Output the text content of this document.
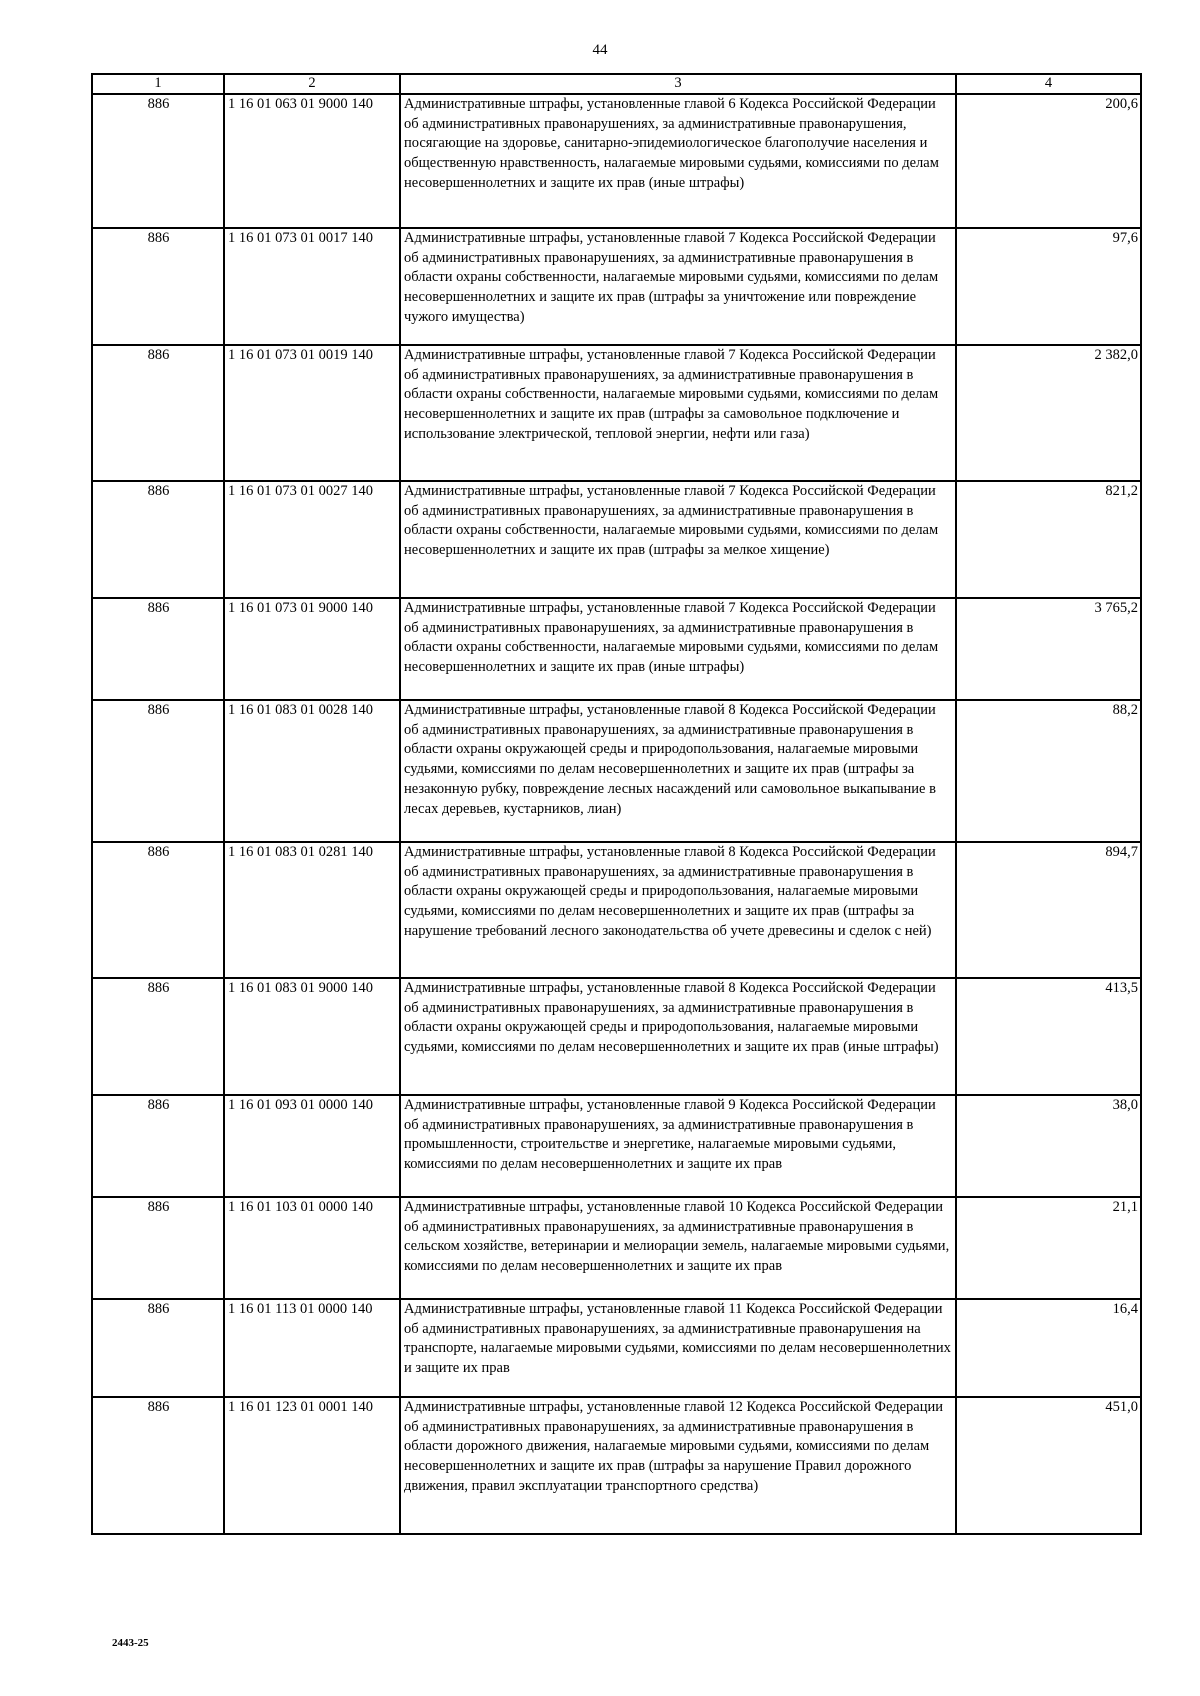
44
1	2	3	4
886	1 16 01 063 01 9000 140	Административные штрафы, установленные главой 6 Кодекса Российской Федерации об административных правонарушениях, за административные правонарушения, посягающие на здоровье, санитарно-эпидемиологическое благополучие населения и общественную нравственность, налагаемые мировыми судьями, комиссиями по делам несовершеннолетних и защите их прав (иные штрафы)	200,6
886	1 16 01 073 01 0017 140	Административные штрафы, установленные главой 7 Кодекса Российской Федерации об административных правонарушениях, за административные правонарушения в области охраны собственности, налагаемые мировыми судьями, комиссиями по делам несовершеннолетних и защите их прав (штрафы за уничтожение или повреждение чужого имущества)	97,6
886	1 16 01 073 01 0019 140	Административные штрафы, установленные главой 7 Кодекса Российской Федерации об административных правонарушениях, за административные правонарушения в области охраны собственности, налагаемые мировыми судьями, комиссиями по делам несовершеннолетних и защите их прав (штрафы за самовольное подключение и использование электрической, тепловой энергии, нефти или газа)	2 382,0
886	1 16 01 073 01 0027 140	Административные штрафы, установленные главой 7 Кодекса Российской Федерации об административных правонарушениях, за административные правонарушения в области охраны собственности, налагаемые мировыми судьями, комиссиями по делам несовершеннолетних и защите их прав (штрафы за мелкое хищение)	821,2
886	1 16 01 073 01 9000 140	Административные штрафы, установленные главой 7 Кодекса Российской Федерации об административных правонарушениях, за административные правонарушения в области охраны собственности, налагаемые мировыми судьями, комиссиями по делам несовершеннолетних и защите их прав (иные штрафы)	3 765,2
886	1 16 01 083 01 0028 140	Административные штрафы, установленные главой 8 Кодекса Российской Федерации об административных правонарушениях, за административные правонарушения в области охраны окружающей среды и природопользования, налагаемые мировыми судьями, комиссиями по делам несовершеннолетних и защите их прав (штрафы за незаконную рубку, повреждение лесных насаждений или самовольное выкапывание в лесах деревьев, кустарников, лиан)	88,2
886	1 16 01 083 01 0281 140	Административные штрафы, установленные главой 8 Кодекса Российской Федерации об административных правонарушениях, за административные правонарушения в области охраны окружающей среды и природопользования, налагаемые мировыми судьями, комиссиями по делам несовершеннолетних и защите их прав (штрафы за нарушение требований лесного законодательства об учете древесины и сделок с ней)	894,7
886	1 16 01 083 01 9000 140	Административные штрафы, установленные главой 8 Кодекса Российской Федерации об административных правонарушениях, за административные правонарушения в области охраны окружающей среды и природопользования, налагаемые мировыми судьями, комиссиями по делам несовершеннолетних и защите их прав (иные штрафы)	413,5
886	1 16 01 093 01 0000 140	Административные штрафы, установленные главой 9 Кодекса Российской Федерации об административных правонарушениях, за административные правонарушения в промышленности, строительстве и энергетике, налагаемые мировыми судьями, комиссиями по делам несовершеннолетних и защите их прав	38,0
886	1 16 01 103 01 0000 140	Административные штрафы, установленные главой 10 Кодекса Российской Федерации об административных правонарушениях, за административные правонарушения в сельском хозяйстве, ветеринарии и мелиорации земель, налагаемые мировыми судьями, комиссиями по делам несовершеннолетних и защите их прав	21,1
886	1 16 01 113 01 0000 140	Административные штрафы, установленные главой 11 Кодекса Российской Федерации об административных правонарушениях, за административные правонарушения на транспорте, налагаемые мировыми судьями, комиссиями по делам несовершеннолетних и защите их прав	16,4
886	1 16 01 123 01 0001 140	Административные штрафы, установленные главой 12 Кодекса Российской Федерации об административных правонарушениях, за административные правонарушения в области дорожного движения, налагаемые мировыми судьями, комиссиями по делам несовершеннолетних и защите их прав (штрафы за нарушение Правил дорожного движения, правил эксплуатации транспортного средства)	451,0
2443-25
